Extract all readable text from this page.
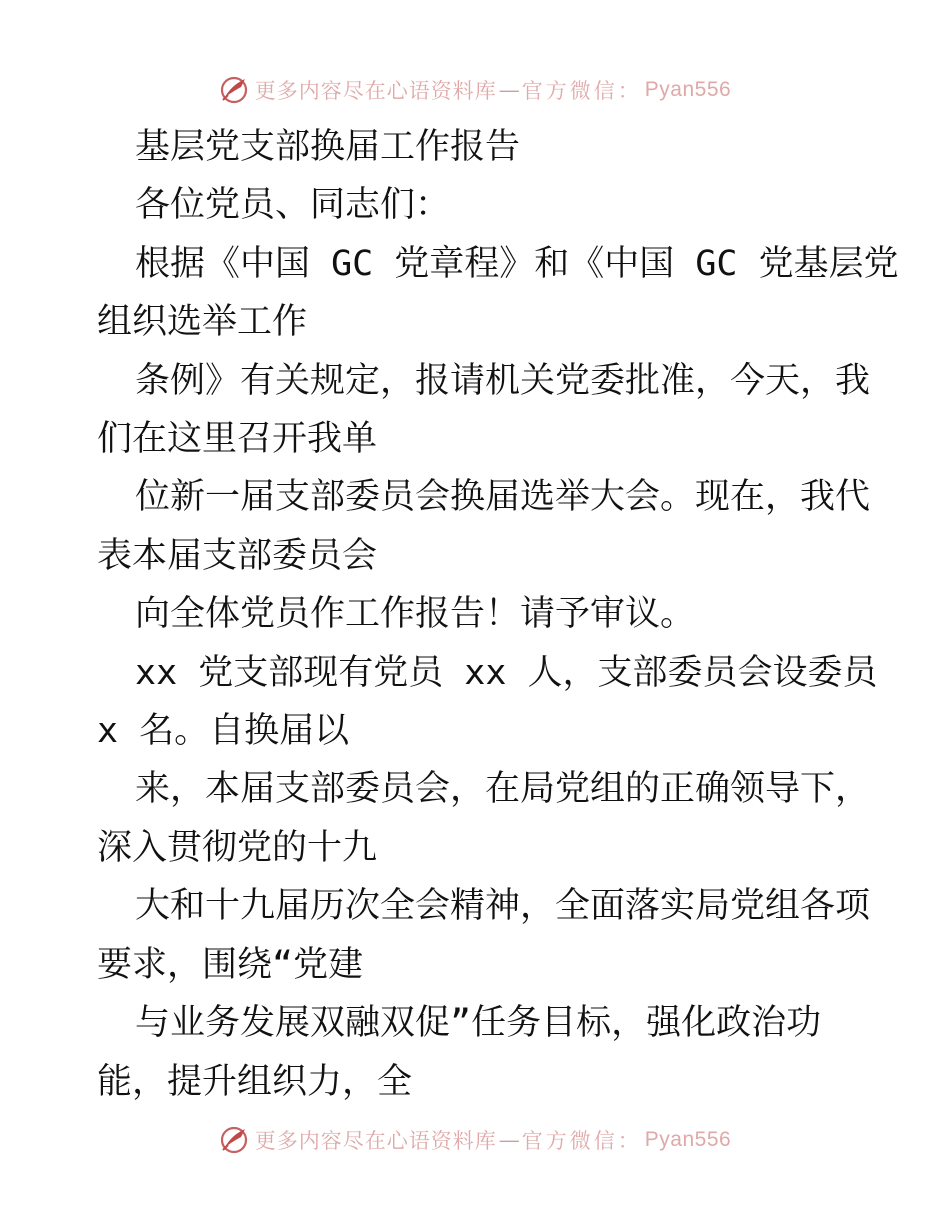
更多内容尽在心语资料库 — 官方微信 ： Pyan556

基层党支部换届工作报告

各位党员、同志们：

根据《中国 GC 党章程》和《中国 GC 党基层党

组织选举工作

条例》有关规定，报请机关党委批准，今天，我

们在这里召开我单

位新一届支部委员会换届选举大会。现在，我代

表本届支部委员会

向全体党员作工作报告！请予审议。

xx 党支部现有党员 xx 人，支部委员会设委员

x 名。自换届以

来，本届支部委员会，在局党组的正确领导下，

深入贯彻党的十九

大和十九届历次全会精神，全面落实局党组各项

要求，围绕“党建

与业务发展双融双促”任务目标，强化政治功

能，提升组织力，全

更多内容尽在心语资料库 — 官方微信 ： Pyan556
